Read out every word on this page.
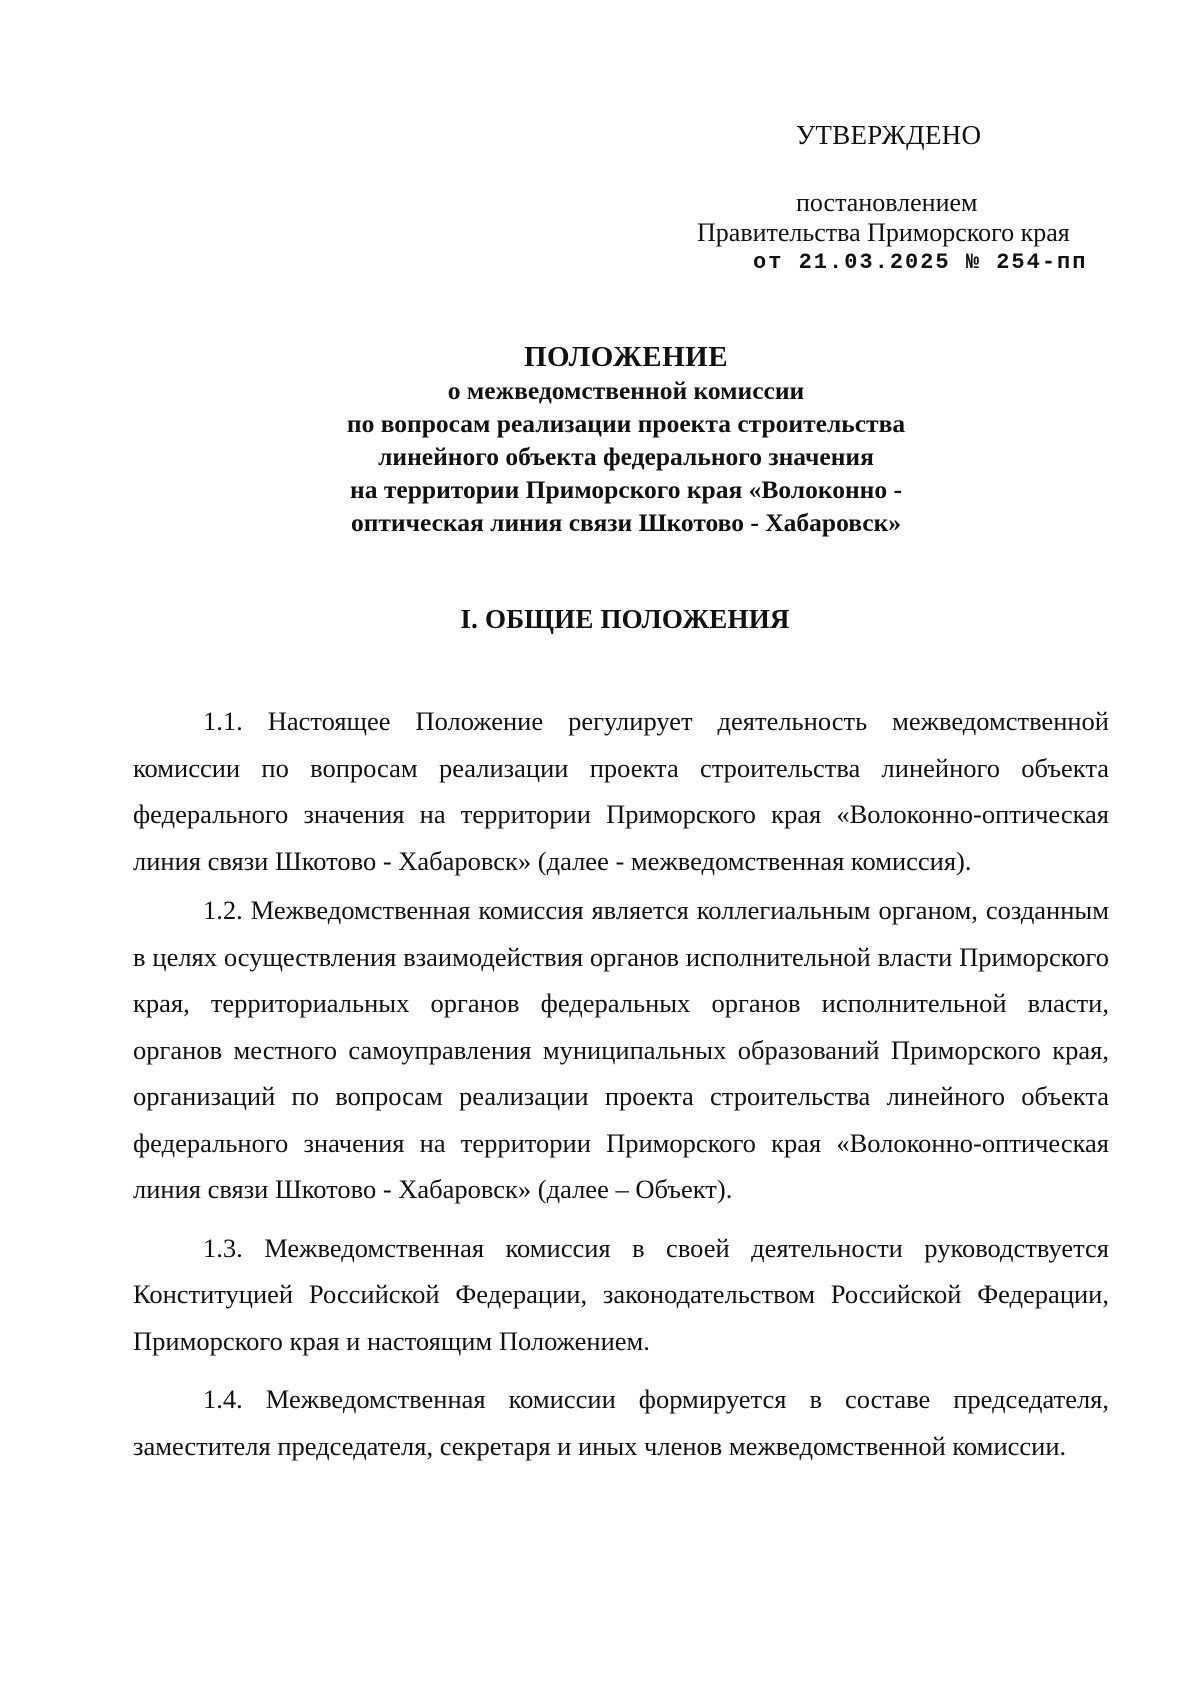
УТВЕРЖДЕНО
постановлением
Правительства Приморского края
от 21.03.2025 № 254-пп
ПОЛОЖЕНИЕ
о межведомственной комиссии
по вопросам реализации проекта строительства
линейного объекта федерального значения
на территории Приморского края «Волоконно -
оптическая линия связи Шкотово - Хабаровск»
I. ОБЩИЕ ПОЛОЖЕНИЯ

1.1. Настоящее Положение регулирует деятельность межведомственной комиссии по вопросам реализации проекта строительства линейного объекта федерального значения на территории Приморского края «Волоконно-оптическая линия связи Шкотово - Хабаровск» (далее - межведомственная комиссия).

1.2. Межведомственная комиссия является коллегиальным органом, созданным в целях осуществления взаимодействия органов исполнительной власти Приморского края, территориальных органов федеральных органов исполнительной власти, органов местного самоуправления муниципальных образований Приморского края, организаций по вопросам реализации проекта строительства линейного объекта федерального значения на территории Приморского края «Волоконно-оптическая линия связи Шкотово - Хабаровск» (далее – Объект).

1.3. Межведомственная комиссия в своей деятельности руководствуется Конституцией Российской Федерации, законодательством Российской Федерации, Приморского края и настоящим Положением.

1.4. Межведомственная комиссии формируется в составе председателя, заместителя председателя, секретаря и иных членов межведомственной комиссии.
